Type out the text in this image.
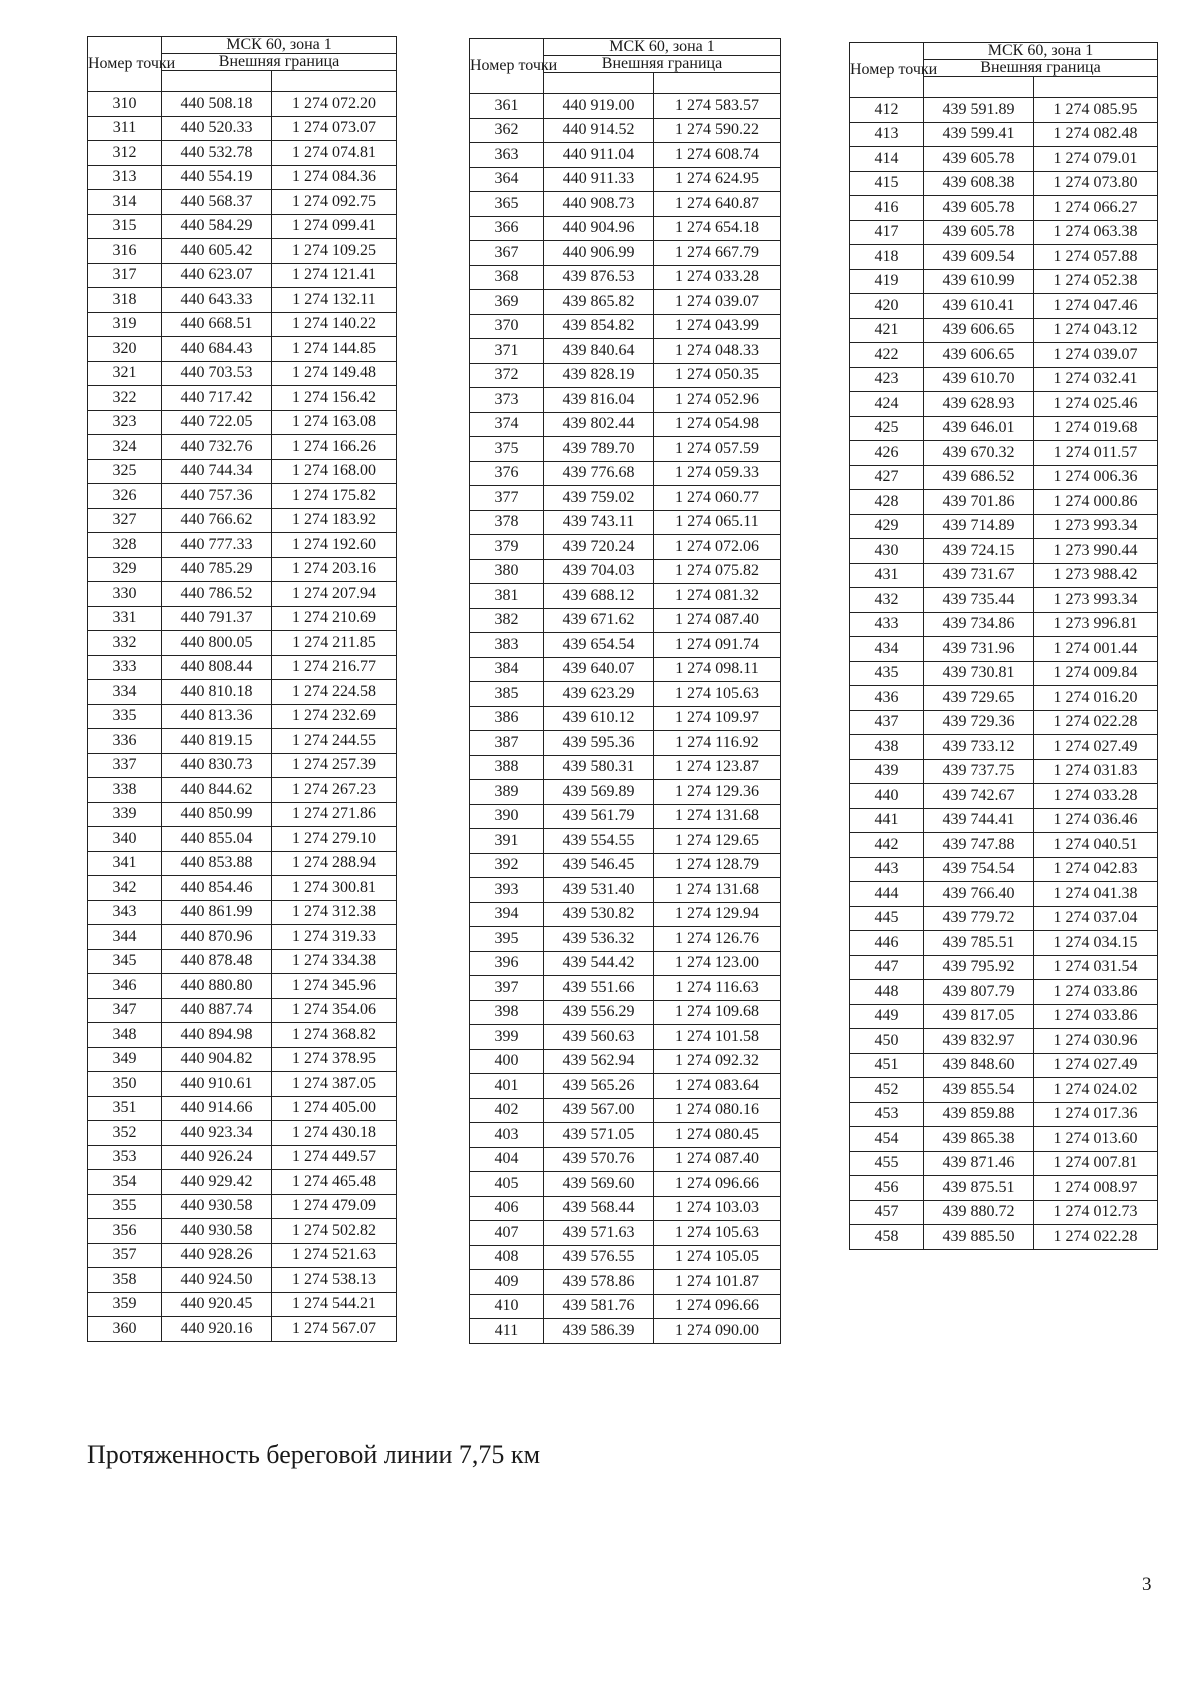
Номер точки	МСК 60, зона 1	
	Внешняя граница	

310	440 508.18	1 274 072.20
311	440 520.33	1 274 073.07
312	440 532.78	1 274 074.81
313	440 554.19	1 274 084.36
314	440 568.37	1 274 092.75
315	440 584.29	1 274 099.41
316	440 605.42	1 274 109.25
317	440 623.07	1 274 121.41
318	440 643.33	1 274 132.11
319	440 668.51	1 274 140.22
320	440 684.43	1 274 144.85
321	440 703.53	1 274 149.48
322	440 717.42	1 274 156.42
323	440 722.05	1 274 163.08
324	440 732.76	1 274 166.26
325	440 744.34	1 274 168.00
326	440 757.36	1 274 175.82
327	440 766.62	1 274 183.92
328	440 777.33	1 274 192.60
329	440 785.29	1 274 203.16
330	440 786.52	1 274 207.94
331	440 791.37	1 274 210.69
332	440 800.05	1 274 211.85
333	440 808.44	1 274 216.77
334	440 810.18	1 274 224.58
335	440 813.36	1 274 232.69
336	440 819.15	1 274 244.55
337	440 830.73	1 274 257.39
338	440 844.62	1 274 267.23
339	440 850.99	1 274 271.86
340	440 855.04	1 274 279.10
341	440 853.88	1 274 288.94
342	440 854.46	1 274 300.81
343	440 861.99	1 274 312.38
344	440 870.96	1 274 319.33
345	440 878.48	1 274 334.38
346	440 880.80	1 274 345.96
347	440 887.74	1 274 354.06
348	440 894.98	1 274 368.82
349	440 904.82	1 274 378.95
350	440 910.61	1 274 387.05
351	440 914.66	1 274 405.00
352	440 923.34	1 274 430.18
353	440 926.24	1 274 449.57
354	440 929.42	1 274 465.48
355	440 930.58	1 274 479.09
356	440 930.58	1 274 502.82
357	440 928.26	1 274 521.63
358	440 924.50	1 274 538.13
359	440 920.45	1 274 544.21
360	440 920.16	1 274 567.07
Номер точки	МСК 60, зона 1	
	Внешняя граница	

361	440 919.00	1 274 583.57
362	440 914.52	1 274 590.22
363	440 911.04	1 274 608.74
364	440 911.33	1 274 624.95
365	440 908.73	1 274 640.87
366	440 904.96	1 274 654.18
367	440 906.99	1 274 667.79
368	439 876.53	1 274 033.28
369	439 865.82	1 274 039.07
370	439 854.82	1 274 043.99
371	439 840.64	1 274 048.33
372	439 828.19	1 274 050.35
373	439 816.04	1 274 052.96
374	439 802.44	1 274 054.98
375	439 789.70	1 274 057.59
376	439 776.68	1 274 059.33
377	439 759.02	1 274 060.77
378	439 743.11	1 274 065.11
379	439 720.24	1 274 072.06
380	439 704.03	1 274 075.82
381	439 688.12	1 274 081.32
382	439 671.62	1 274 087.40
383	439 654.54	1 274 091.74
384	439 640.07	1 274 098.11
385	439 623.29	1 274 105.63
386	439 610.12	1 274 109.97
387	439 595.36	1 274 116.92
388	439 580.31	1 274 123.87
389	439 569.89	1 274 129.36
390	439 561.79	1 274 131.68
391	439 554.55	1 274 129.65
392	439 546.45	1 274 128.79
393	439 531.40	1 274 131.68
394	439 530.82	1 274 129.94
395	439 536.32	1 274 126.76
396	439 544.42	1 274 123.00
397	439 551.66	1 274 116.63
398	439 556.29	1 274 109.68
399	439 560.63	1 274 101.58
400	439 562.94	1 274 092.32
401	439 565.26	1 274 083.64
402	439 567.00	1 274 080.16
403	439 571.05	1 274 080.45
404	439 570.76	1 274 087.40
405	439 569.60	1 274 096.66
406	439 568.44	1 274 103.03
407	439 571.63	1 274 105.63
408	439 576.55	1 274 105.05
409	439 578.86	1 274 101.87
410	439 581.76	1 274 096.66
411	439 586.39	1 274 090.00
Номер точки	МСК 60, зона 1	
	Внешняя граница	

412	439 591.89	1 274 085.95
413	439 599.41	1 274 082.48
414	439 605.78	1 274 079.01
415	439 608.38	1 274 073.80
416	439 605.78	1 274 066.27
417	439 605.78	1 274 063.38
418	439 609.54	1 274 057.88
419	439 610.99	1 274 052.38
420	439 610.41	1 274 047.46
421	439 606.65	1 274 043.12
422	439 606.65	1 274 039.07
423	439 610.70	1 274 032.41
424	439 628.93	1 274 025.46
425	439 646.01	1 274 019.68
426	439 670.32	1 274 011.57
427	439 686.52	1 274 006.36
428	439 701.86	1 274 000.86
429	439 714.89	1 273 993.34
430	439 724.15	1 273 990.44
431	439 731.67	1 273 988.42
432	439 735.44	1 273 993.34
433	439 734.86	1 273 996.81
434	439 731.96	1 274 001.44
435	439 730.81	1 274 009.84
436	439 729.65	1 274 016.20
437	439 729.36	1 274 022.28
438	439 733.12	1 274 027.49
439	439 737.75	1 274 031.83
440	439 742.67	1 274 033.28
441	439 744.41	1 274 036.46
442	439 747.88	1 274 040.51
443	439 754.54	1 274 042.83
444	439 766.40	1 274 041.38
445	439 779.72	1 274 037.04
446	439 785.51	1 274 034.15
447	439 795.92	1 274 031.54
448	439 807.79	1 274 033.86
449	439 817.05	1 274 033.86
450	439 832.97	1 274 030.96
451	439 848.60	1 274 027.49
452	439 855.54	1 274 024.02
453	439 859.88	1 274 017.36
454	439 865.38	1 274 013.60
455	439 871.46	1 274 007.81
456	439 875.51	1 274 008.97
457	439 880.72	1 274 012.73
458	439 885.50	1 274 022.28
Протяженность береговой линии 7,75 км
3
